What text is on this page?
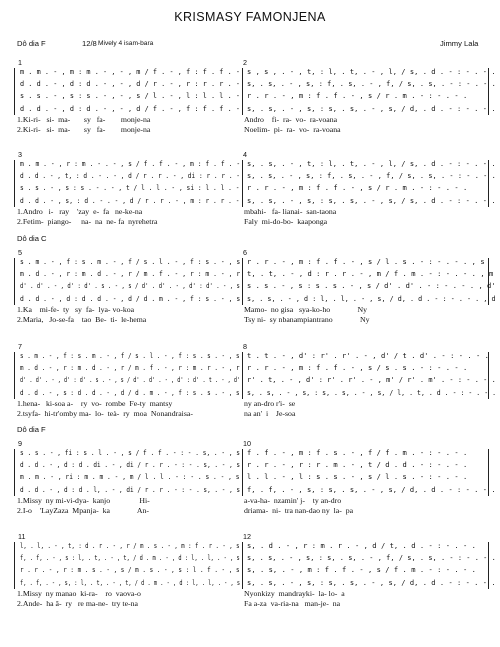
KRISMASY FAMONJENA
Dô dia F	12/8 Mively 4 isam-bara	Jimmy Lala
1	2
m . m . - , m : m . - , - , m / f . - , f : f . f . - s , s , . - , t, : l, . t, . - , l, / s, . d . - : - . - .
d . d . - , d : d . - , - , d / r . - , r : r . r . - s, . s, . - , s, : f, . s, . - , f, / s, . s, . - : - . - .
s . s . - , s : s . - , - , s / l . - , l : l . l . - r . r . - , m : f . f . - , s / r . m . - : - . - .
d . d . - , d : d . - , - , d / f . - , f : f . f . - s, . s, . - , s, : s, . s, . - , s, / d, . d . - : - . - .
1.Ki-ri-   si-  ma-       sy   fa-        monje-na	Andro    fi-  ra-  vo-  ra-voana
2.Ki-ri-   si-  ma-       sy   fa-        monje-na	Noelim-  pi-  ra-  vo-  ra-voana
3	4
m . m . - , r : m . - . - , s / f . f . - , m : f . f . - s, . s, . - , t, : l, . t, . - , l, / s, . d . - : - . - .
d . d . - , t, : d . - . - , d / r . r . - , di : r . r . - s, . s, . - , s, : f, . s, . - , f, / s, . s, . - : - . - .
s . s . - , s : s . - . - , t / l . l . - , si : l . l . - r . r . - , m : f . f . - , s / r . m . - : - . - .
d . d . - , s, : d . - . - , d / r . r . - , m : r . r . - s, . s, . - , s, : s, . s, . - , s, / s, . d . - : - . - .
1.Andro   i-   ray    'zay  e-  fa   ne-ke-na	mbahi-   fa- lianai-  san-taona
2.Fetim-  piango-     na-  na  ne- fa  nyrehetra	Faly  mi-do-bo-  kaaponga
Dô dia C
5	6
s . m . - , f : s . m . - , f / s . l . - , f : s . - , s r . r . - , m : f . f . - , s / l . s . - : - . - . , s
m . d . - , r : m . d . - , r / m . f . - , r : m . - , r t, . t, . - , d : r . r . - , m / f . m . - : - . - . , m
d' . d' . - , d' : d' . s . - , s / d' . d' . - , d' : d' . - , s s . s . - , s : s . s . - , s / d' . d' . - : - . - . , d'
d . d . - , d : d . d . - , d / d . m . - , f : s . - , s s, . s, . - , d : l, . l, . - , s, / d, . d . - : - . - . , d
1.Ka    mi-fe-  ty   sy  fa-  lya- vo-koa	Mamo-  no gisa   sya-ko-ho              Ny
2.Maria,   Jo-se-fa    tao  Be-  ti-  le-hema	Tsy ni-  sy nbanampiantrano              Ny
7	8
s . m . - , f : s . m . - , f / s . l . - , f : s . s . - , s t . t . - , d' : r' . r' . - , d' / t . d' . - : - . - .
m . d . - , r : m . d . - , r / m . f . - , r : m . r . - , r r . r . - , m : f . f . - , s / s . s . - : - . - .
d' . d' . - , d' : d' . s . - , s / d' . d' . - , d' : d' . t . - , d' r' . t, . - , d' : r' . r' . - , m' / r' . m' . - : - . - .
d . d . - , s : d . d . - , d / d . m . - , f : s . s . - , s s, . s, . - , s, : s, . s, . - , s, / l, . t, . d . - : - . - .
1.hena-   ki-soa a-    ry  vo-  rombe  Fe-ty  mantsy	ny an-dro r'i-  se
2.tsyfa-  hi-tr'omby ma-  lo-  teà-  ry  moa  Nonandraisa-	na an'  i    Je-soa
Dô dia F
9	10
s . s . - , fi : s . l . - , s / f . f . - : - . s, . - , s f . f . - , m : f . s . - , f / f . m . - : - . - .
d . d . - , d : d . di . - , di / r . r . - : - . s, . - , s r . r . - , r : r . m . - , t / d . d . - : - . - .
m . m . - , ri : m . m . - , m / l . l . - : - . s . - , s l . l . - , l : s . s . - , s / l . s . - : - . - .
d . d . - , d : d . l, . - , di / r . r . - : - . s, . - , s f, . f, . - , s, : s, . s, . - , s, / d, . d . - : - . - .
1.Missy  ny mi-vi-dya-  kanjo               Hi-	a-va-ha-  nzamin' j-    ty an-dro
2.I-o    'LayZaza  Mpanja-  ka              An-	driama-  ni-  tra nan-dao ny  la-  pa
11	12
l, . l, . - , t, : d . r . - , r / m . s . - , m : f . r . - , s s, . d . - , r : m . r . - , d / t, . d . - : - . - .
f, . f, . - , s : l, . t, . - , t, / d . m . - , d : l, . l, . - , s s, . s, . - , s, : s, . s, . - , f, / s, . s, . - : - . - .
r . r . - , r : m . s . - , s / m . s . - , s : l . f . - , s s, . s, . - , m : f . f . - , s / f . m . - : - . - .
f, . f, . - , s, : l, . t, . - , t, / d . m . - , d : l, . l, . - , s s, . s, . - , s, : s, . s, . - , s, / d, . d . - : - . - .
1.Missy  ny manao  ki-ra-    ro  vaova-o	Nyonkizy  mandrayki-  la- lo-  a
2.Ande-  ha â-  ry   re ma-ne-  try te-na	Fa a-za  va-ria-na   man-je-  na
